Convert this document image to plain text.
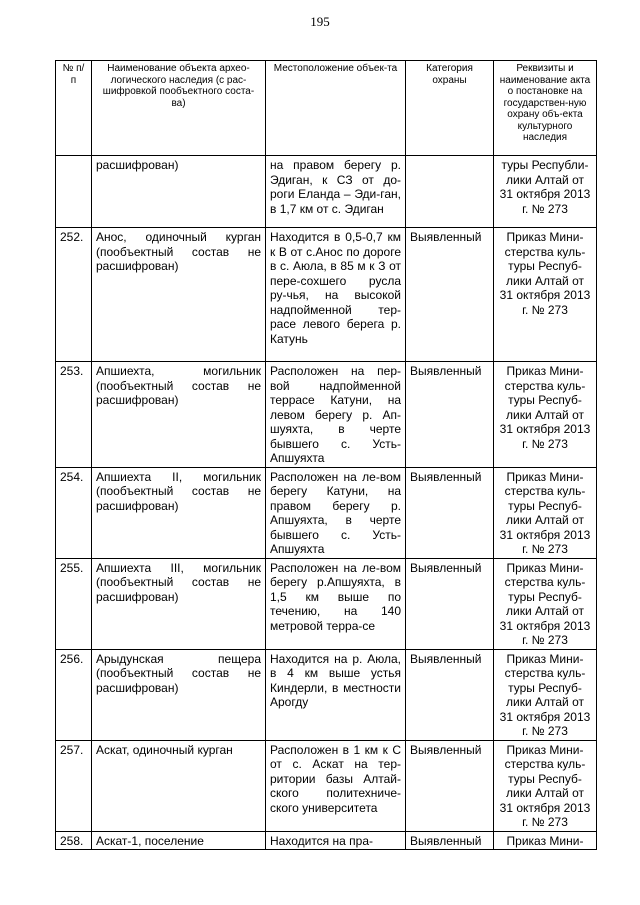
195
№ п/п	Наименование объекта архео-логического наследия (с рас-шифровкой пообъектного соста-ва)	Местоположение объек-та	Категория охраны	Реквизиты и наименование акта о постановке на государствен-ную охрану объ-екта культурного наследия
	расшифрован)	на правом берегу р. Эдиган, к СЗ от до-роги Еланда – Эди-ган, в 1,7 км от с. Эдиган		туры Республи-лики Алтай от 31 октября 2013 г. № 273
252.	Анос, одиночный курган (пообъектный состав не расшифрован)	Находится в 0,5-0,7 км к В от с.Анос по дороге в с. Аюла, в 85 м к З от пере-сохшего русла ру-чья, на высокой надпойменной тер-расе левого берега р. Катунь	Выявленный	Приказ Мини-стерства куль-туры Респуб-лики Алтай от 31 октября 2013 г. № 273
253.	Апшиехта, могильник (пообъектный состав не расшифрован)	Расположен на пер-вой надпойменной террасе Катуни, на левом берегу р. Ап-шуяхта, в черте бывшего с. Усть-Апшуяхта	Выявленный	Приказ Мини-стерства куль-туры Респуб-лики Алтай от 31 октября 2013 г. № 273
254.	Апшиехта II, могильник (пообъектный состав не расшифрован)	Расположен на ле-вом берегу Катуни, на правом берегу р. Апшуяхта, в черте бывшего с. Усть-Апшуяхта	Выявленный	Приказ Мини-стерства куль-туры Респуб-лики Алтай от 31 октября 2013 г. № 273
255.	Апшиехта III, могильник (пообъектный состав не расшифрован)	Расположен на ле-вом берегу р.Апшуяхта, в 1,5 км выше по течению, на 140 метровой терра-се	Выявленный	Приказ Мини-стерства куль-туры Респуб-лики Алтай от 31 октября 2013 г. № 273
256.	Арыдунская пещера (пообъектный состав не расшифрован)	Находится на р. Аюла, в 4 км выше устья Киндерли, в местности Арогду	Выявленный	Приказ Мини-стерства куль-туры Респуб-лики Алтай от 31 октября 2013 г. № 273
257.	Аскат, одиночный курган	Расположен в 1 км к С от с. Аскат на тер-ритории базы Алтай-ского политехниче-ского университета	Выявленный	Приказ Мини-стерства куль-туры Респуб-лики Алтай от 31 октября 2013 г. № 273
258.	Аскат-1, поселение	Находится на пра-	Выявленный	Приказ Мини-
